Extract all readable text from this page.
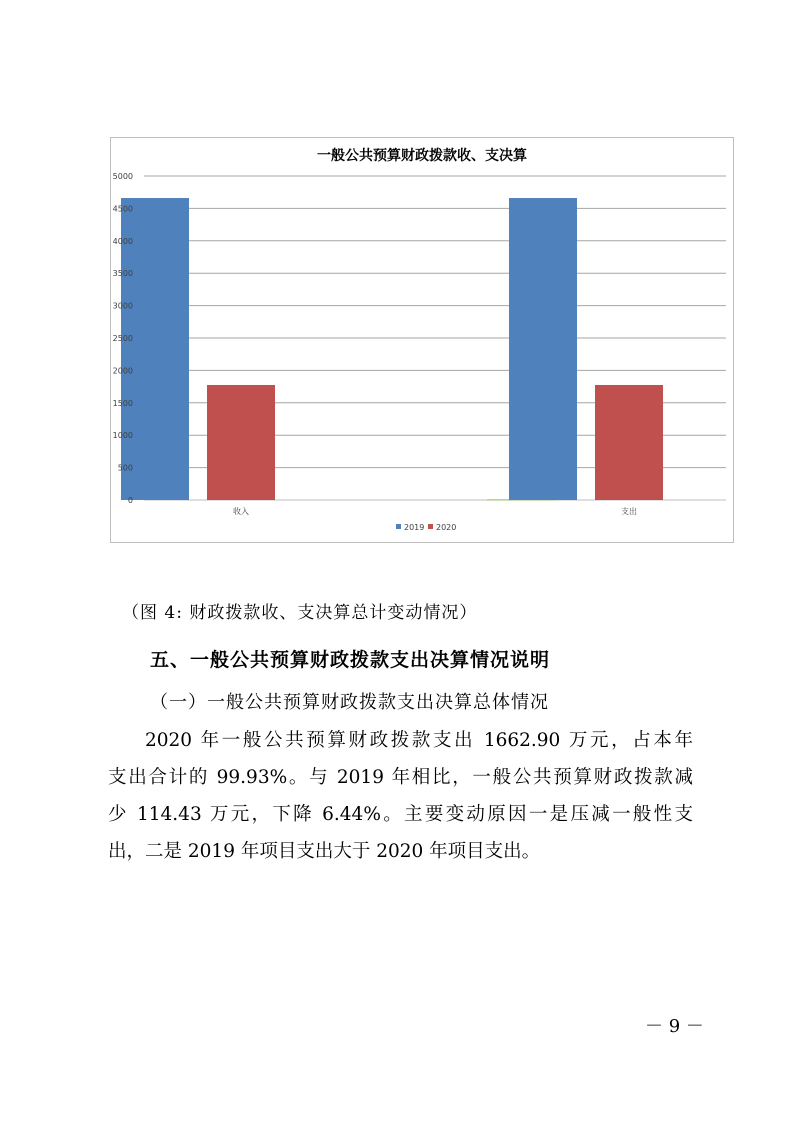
一般公共预算财政拨款收、支决算
0
500
1000
1500
2000
2500
3000
3500
4000
4500
5000
收入	支出
2019 2020
（图 4: 财政拨款收、支决算总计变动情况）
五、一般公共预算财政拨款支出决算情况说明
（一）一般公共预算财政拨款支出决算总体情况
2020 年一般公共预算财政拨款支出 1662.90 万元，占本年
支出合计的 99.93%。与 2019 年相比，一般公共预算财政拨款减
少 114.43 万元，下降 6.44%。主要变动原因一是压减一般性支
出，二是 2019 年项目支出大于 2020 年项目支出。
－ 9 －
